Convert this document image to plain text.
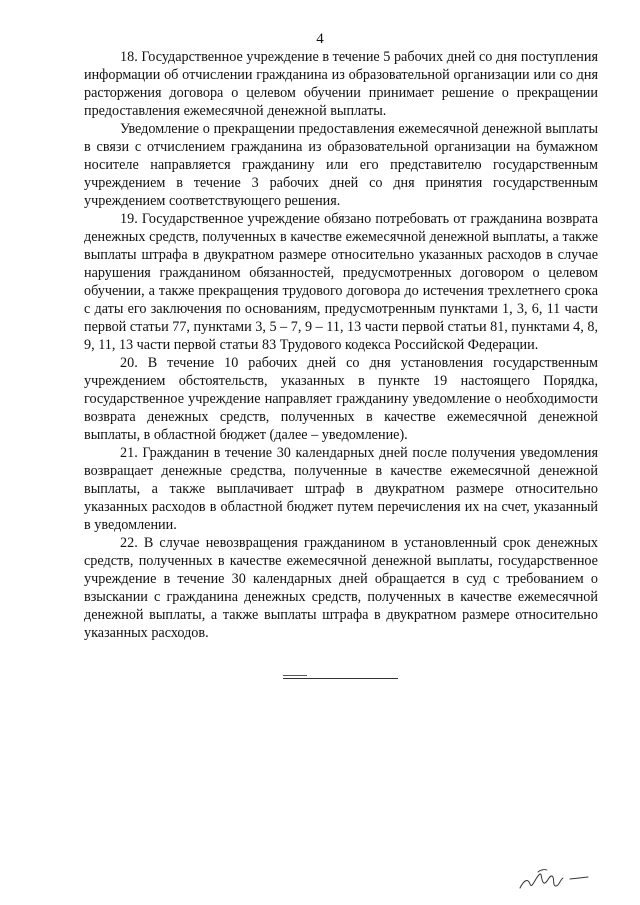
4

18. Государственное учреждение в течение 5 рабочих дней со дня поступления информации об отчислении гражданина из образовательной организации или со дня расторжения договора о целевом обучении принимает решение о прекращении предоставления ежемесячной денежной выплаты.

Уведомление о прекращении предоставления ежемесячной денежной выплаты в связи с отчислением гражданина из образовательной организации на бумажном носителе направляется гражданину или его представителю государственным учреждением в течение 3 рабочих дней со дня принятия государственным учреждением соответствующего решения.

19. Государственное учреждение обязано потребовать от гражданина возврата денежных средств, полученных в качестве ежемесячной денежной выплаты, а также выплаты штрафа в двукратном размере относительно указанных расходов в случае нарушения гражданином обязанностей, предусмотренных договором о целевом обучении, а также прекращения трудового договора до истечения трехлетнего срока с даты его заключения по основаниям, предусмотренным пунктами 1, 3, 6, 11 части первой статьи 77, пунктами 3, 5 – 7, 9 – 11, 13 части первой статьи 81, пунктами 4, 8, 9, 11, 13 части первой статьи 83 Трудового кодекса Российской Федерации.

20. В течение 10 рабочих дней со дня установления государственным учреждением обстоятельств, указанных в пункте 19 настоящего Порядка, государственное учреждение направляет гражданину уведомление о необходимости возврата денежных средств, полученных в качестве ежемесячной денежной выплаты, в областной бюджет (далее – уведомление).

21. Гражданин в течение 30 календарных дней после получения уведомления возвращает денежные средства, полученные в качестве ежемесячной денежной выплаты, а также выплачивает штраф в двукратном размере относительно указанных расходов в областной бюджет путем перечисления их на счет, указанный в уведомлении.

22. В случае невозвращения гражданином в установленный срок денежных средств, полученных в качестве ежемесячной денежной выплаты, государственное учреждение в течение 30 календарных дней обращается в суд с требованием о взыскании с гражданина денежных средств, полученных в качестве ежемесячной денежной выплаты, а также выплаты штрафа в двукратном размере относительно указанных расходов.
